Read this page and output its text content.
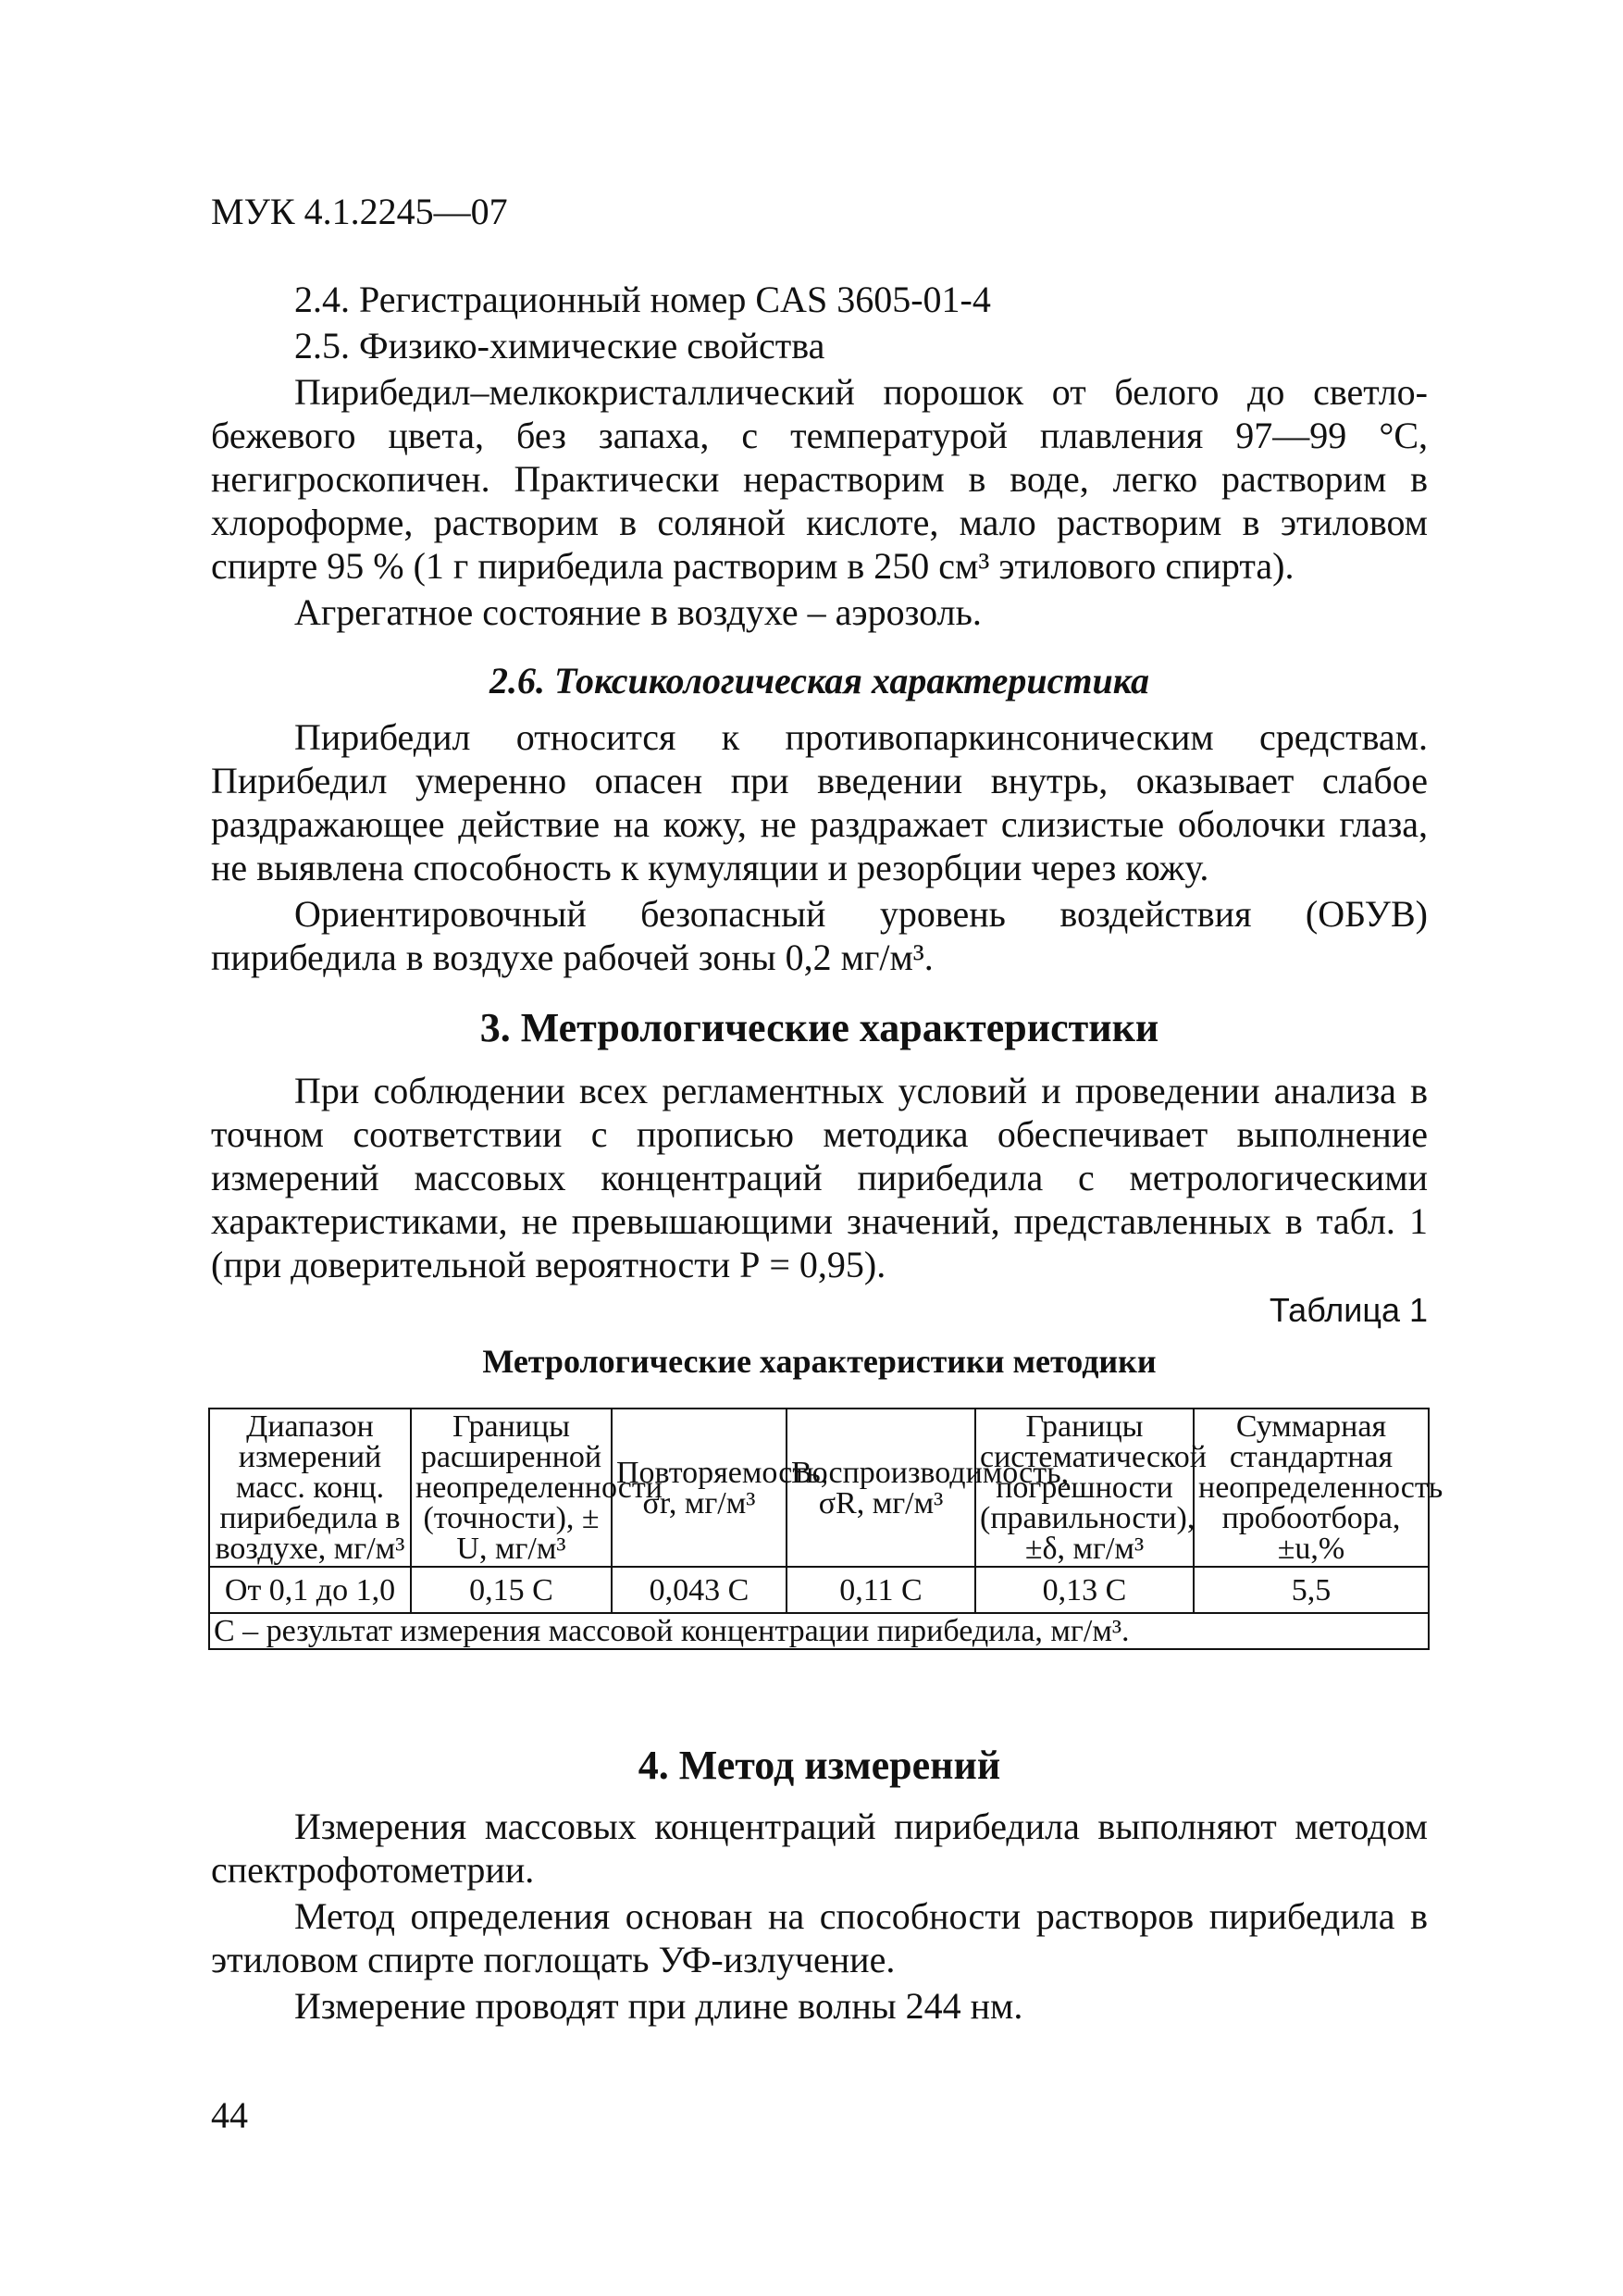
МУК 4.1.2245—07

2.4. Регистрационный номер CAS 3605-01-4

2.5. Физико-химические свойства

Пирибедил–мелкокристаллический порошок от белого до светло-бежевого цвета, без запаха, с температурой плавления 97—99 °С, негигроскопичен. Практически нерастворим в воде, легко растворим в хлороформе, растворим в соляной кислоте, мало растворим в этиловом спирте 95 % (1 г пирибедила растворим в 250 см³ этилового спирта).

Агрегатное состояние в воздухе – аэрозоль.

2.6. Токсикологическая характеристика

Пирибедил относится к противопаркинсоническим средствам. Пирибедил умеренно опасен при введении внутрь, оказывает слабое раздражающее действие на кожу, не раздражает слизистые оболочки глаза, не выявлена способность к кумуляции и резорбции через кожу.

Ориентировочный безопасный уровень воздействия (ОБУВ) пирибедила в воздухе рабочей зоны 0,2 мг/м³.

3. Метрологические характеристики

При соблюдении всех регламентных условий и проведении анализа в точном соответствии с прописью методика обеспечивает выполнение измерений массовых концентраций пирибедила с метрологическими характеристиками, не превышающими значений, представленных в табл. 1 (при доверительной вероятности Р = 0,95).

Таблица 1
Метрологические характеристики методики
Диапазон измерений масс. конц. пирибедила в воздухе, мг/м³	Границы расширенной неопределенности (точности), ± U, мг/м³	Повторяемость, σr, мг/м³	Воспроизводимость, σR, мг/м³	Границы систематической погрешности (правильности), ±δ, мг/м³	Суммарная стандартная неопределенность пробоотбора, ±u,%
От 0,1 до 1,0	0,15 С	0,043 С	0,11 С	0,13 С	5,5
С – результат измерения массовой концентрации пирибедила, мг/м³.					
4. Метод измерений

Измерения массовых концентраций пирибедила выполняют методом спектрофотометрии.

Метод определения основан на способности растворов пирибедила в этиловом спирте поглощать УФ-излучение.

Измерение проводят при длине волны 244 нм.

44
